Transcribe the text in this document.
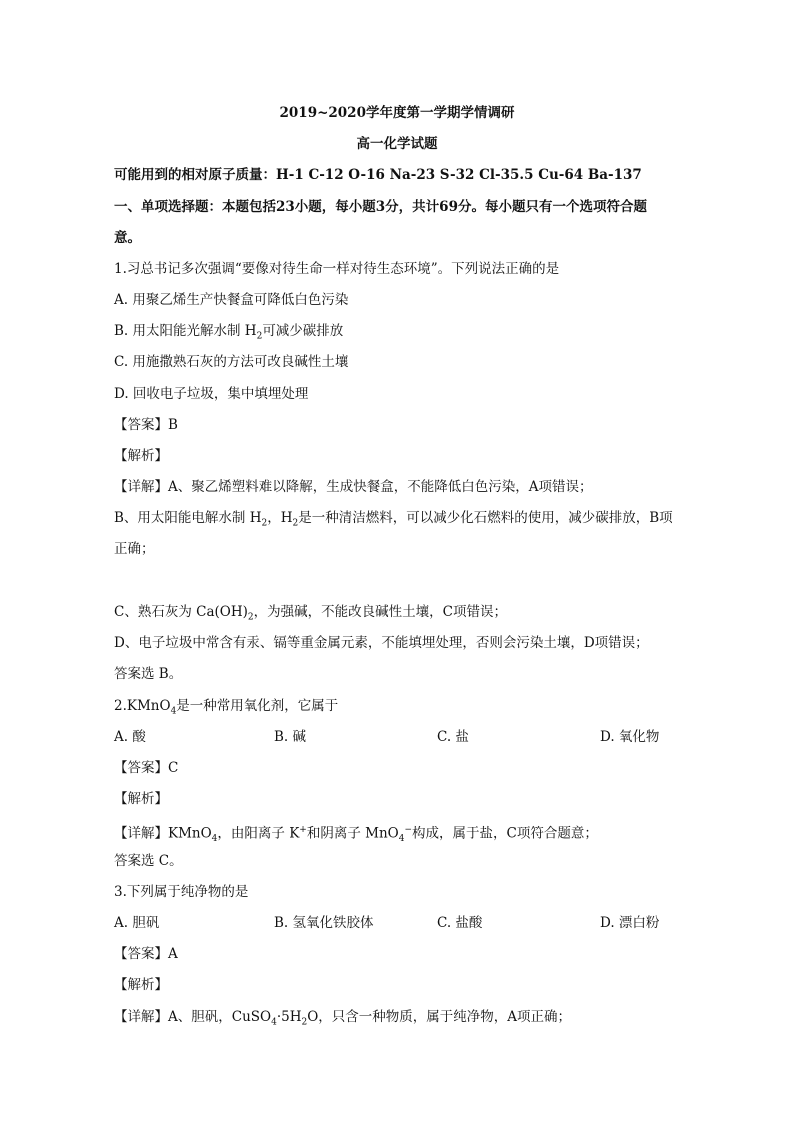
2019~2020学年度第一学期学情调研
高一化学试题
可能用到的相对原子质量：H-1 C-12 O-16 Na-23 S-32 Cl-35.5 Cu-64 Ba-137
一、单项选择题：本题包括23小题，每小题3分，共计69分。每小题只有一个选项符合题
意。
1.习总书记多次强调“要像对待生命一样对待生态环境”。下列说法正确的是
A. 用聚乙烯生产快餐盒可降低白色污染
B. 用太阳能光解水制 $H_2$可减少碳排放
C. 用施撒熟石灰的方法可改良碱性土壤
D. 回收电子垃圾，集中填埋处理
【答案】B
【解析】
【详解】A、聚乙烯塑料难以降解，生成快餐盒，不能降低白色污染，A项错误；
B、用太阳能电解水制 $H_2$，$H_2$是一种清洁燃料，可以减少化石燃料的使用，减少碳排放，B项
正确；
C、熟石灰为 $Ca(OH)_2$，为强碱，不能改良碱性土壤，C项错误；
D、电子垃圾中常含有汞、镉等重金属元素，不能填埋处理，否则会污染土壤，D项错误；
答案选 B。
2.KMnO$_4$是一种常用氧化剂，它属于
A. 酸	B. 碱	C. 盐	D. 氧化物
【答案】C
【解析】
【详解】KMnO$_4$，由阳离子 K+和阴离子 MnO$_4$−构成，属于盐，C项符合题意；
答案选 C。
3.下列属于纯净物的是
A. 胆矾	B. 氢氧化铁胶体	C. 盐酸	D. 漂白粉
【答案】A
【解析】
【详解】A、胆矾，$CuSO_4\cdot 5H_2O$，只含一种物质，属于纯净物，A项正确；
